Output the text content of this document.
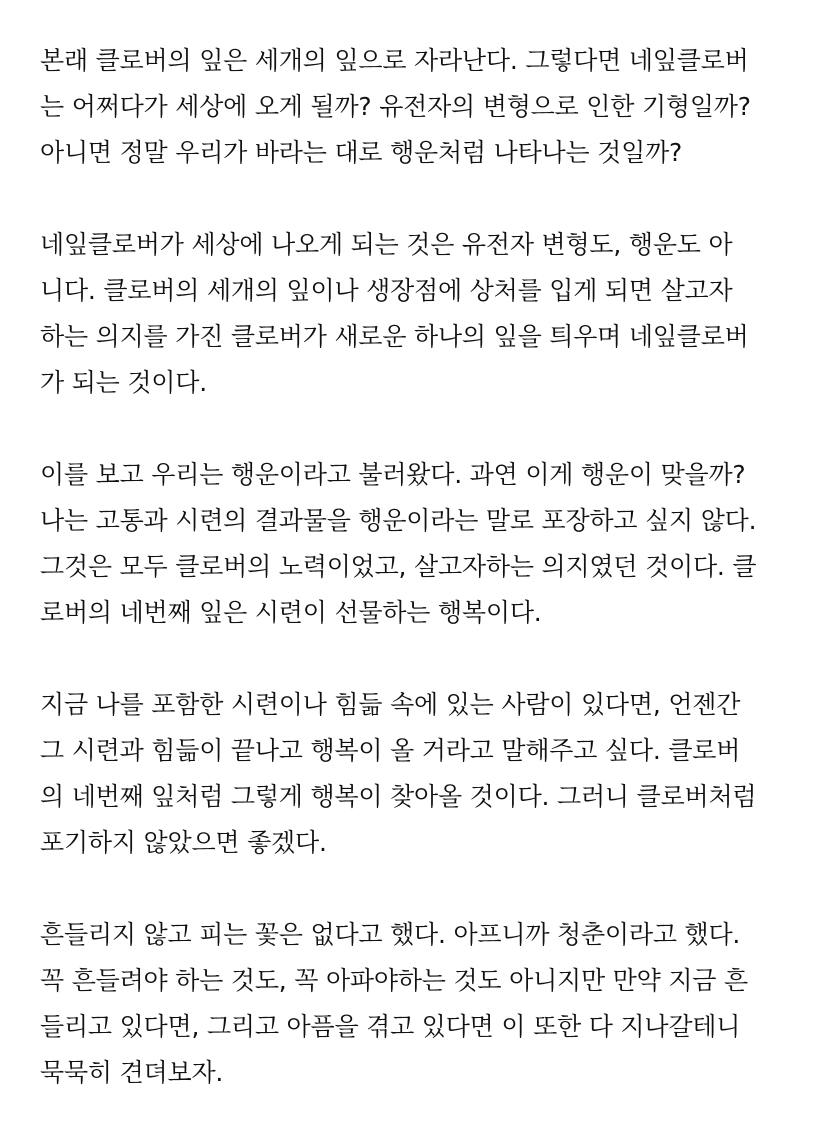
본래 클로버의 잎은 세개의 잎으로 자라난다. 그렇다면 네잎클로버
는 어쩌다가 세상에 오게 될까? 유전자의 변형으로 인한 기형일까?
아니면 정말 우리가 바라는 대로 행운처럼 나타나는 것일까?

네잎클로버가 세상에 나오게 되는 것은 유전자 변형도, 행운도 아
니다. 클로버의 세개의 잎이나 생장점에 상처를 입게 되면 살고자
하는 의지를 가진 클로버가 새로운 하나의 잎을 틔우며 네잎클로버
가 되는 것이다.

이를 보고 우리는 행운이라고 불러왔다. 과연 이게 행운이 맞을까?
나는 고통과 시련의 결과물을 행운이라는 말로 포장하고 싶지 않다.
그것은 모두 클로버의 노력이었고, 살고자하는 의지였던 것이다. 클
로버의 네번째 잎은 시련이 선물하는 행복이다.

지금 나를 포함한 시련이나 힘듦 속에 있는 사람이 있다면, 언젠간
그 시련과 힘듦이 끝나고 행복이 올 거라고 말해주고 싶다. 클로버
의 네번째 잎처럼 그렇게 행복이 찾아올 것이다. 그러니 클로버처럼
포기하지 않았으면 좋겠다.

흔들리지 않고 피는 꽃은 없다고 했다. 아프니까 청춘이라고 했다.
꼭 흔들려야 하는 것도, 꼭 아파야하는 것도 아니지만 만약 지금 흔
들리고 있다면, 그리고 아픔을 겪고 있다면 이 또한 다 지나갈테니
묵묵히 견뎌보자.
